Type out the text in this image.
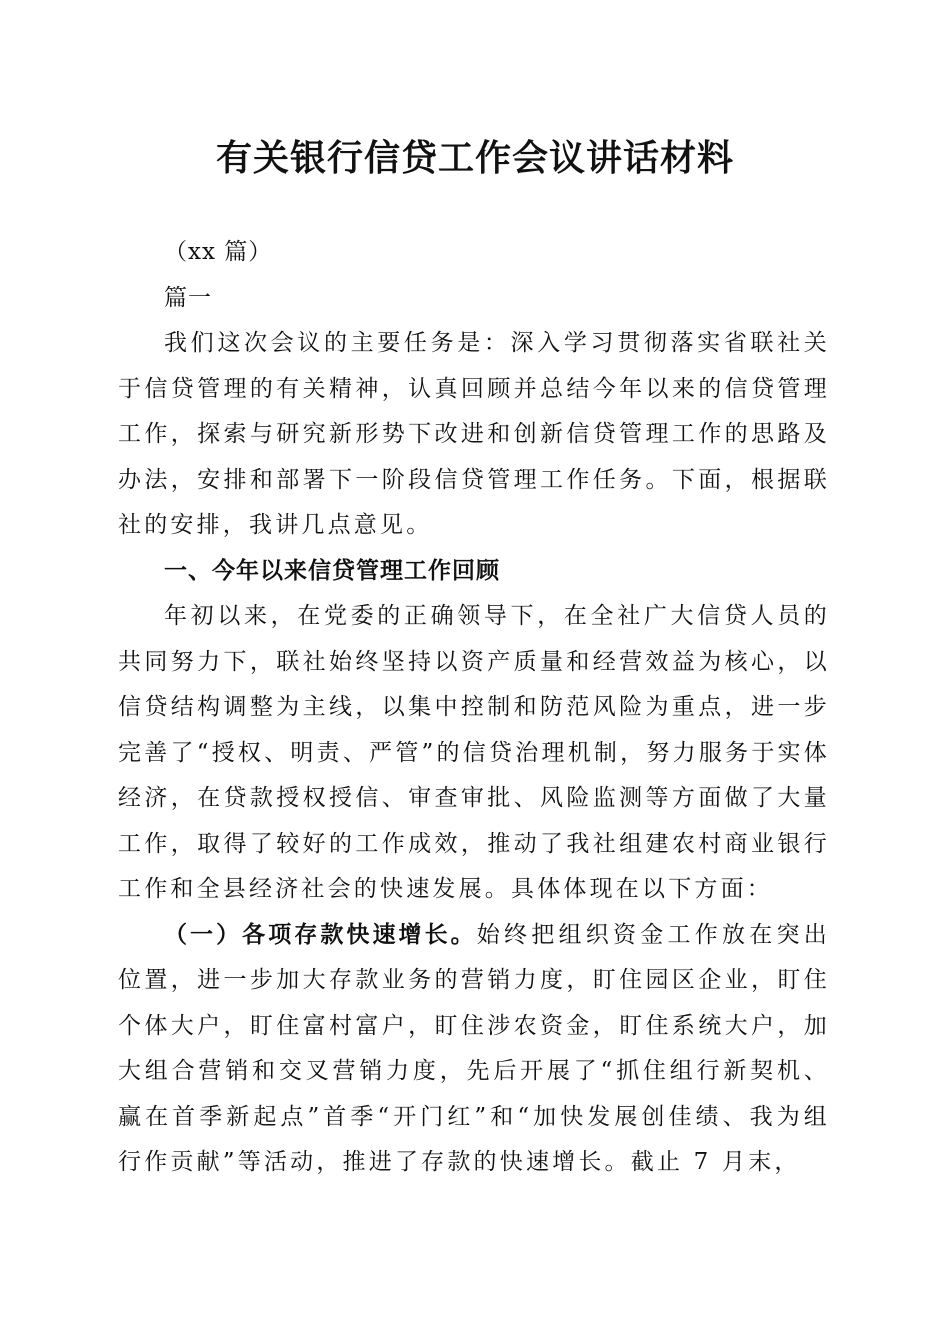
有关银行信贷工作会议讲话材料

（xx 篇）

篇一

我们这次会议的主要任务是：深入学习贯彻落实省联社关于信贷管理的有关精神，认真回顾并总结今年以来的信贷管理工作，探索与研究新形势下改进和创新信贷管理工作的思路及办法，安排和部署下一阶段信贷管理工作任务。下面，根据联社的安排，我讲几点意见。

一、今年以来信贷管理工作回顾

年初以来，在党委的正确领导下，在全社广大信贷人员的共同努力下，联社始终坚持以资产质量和经营效益为核心，以信贷结构调整为主线，以集中控制和防范风险为重点，进一步完善了“授权、明责、严管”的信贷治理机制，努力服务于实体经济，在贷款授权授信、审查审批、风险监测等方面做了大量工作，取得了较好的工作成效，推动了我社组建农村商业银行工作和全县经济社会的快速发展。具体体现在以下方面：

（一）各项存款快速增长。始终把组织资金工作放在突出位置，进一步加大存款业务的营销力度，盯住园区企业，盯住个体大户，盯住富村富户，盯住涉农资金，盯住系统大户，加大组合营销和交叉营销力度，先后开展了“抓住组行新契机、赢在首季新起点”首季“开门红”和“加快发展创佳绩、我为组行作贡献”等活动，推进了存款的快速增长。截止 7 月末，
